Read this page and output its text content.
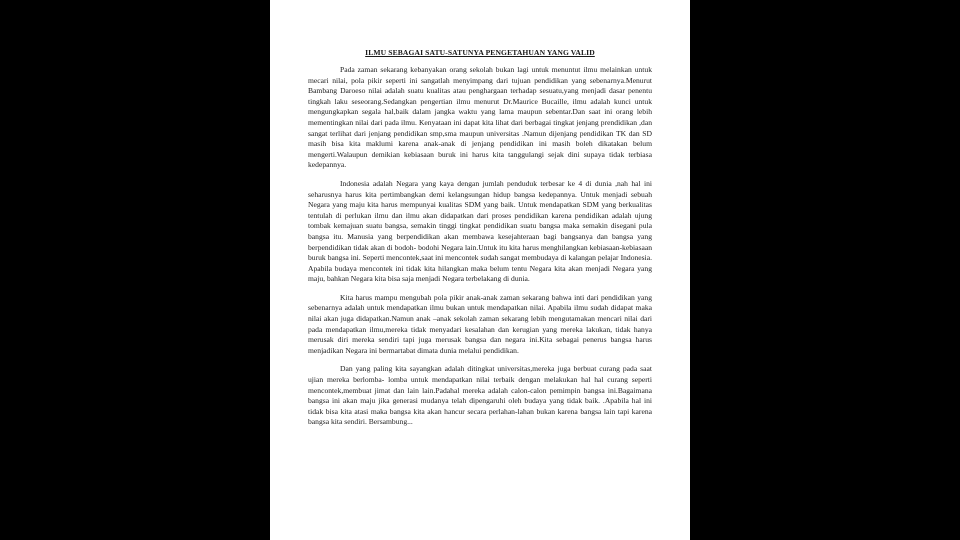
ILMU SEBAGAI SATU-SATUNYA PENGETAHUAN YANG VALID

Pada zaman sekarang kebanyakan orang sekolah bukan lagi untuk menuntut ilmu melainkan untuk mecari nilai, pola pikir seperti ini sangatlah menyimpang dari tujuan pendidikan yang sebenarnya.Menurut Bambang Daroeso nilai adalah suatu kualitas atau penghargaan terhadap sesuatu,yang menjadi dasar penentu tingkah laku seseorang.Sedangkan pengertian ilmu menurut Dr.Maurice Bucaille, ilmu adalah kunci untuk mengungkapkan segala hal,baik dalam jangka waktu yang lama maupun sebentar.Dan saat ini orang lebih mementingkan nilai dari pada ilmu. Kenyataan ini dapat kita lihat dari berbagai tingkat jenjang prendidikan ,dan sangat terlihat dari jenjang pendidikan smp,sma maupun universitas .Namun dijenjang pendidikan TK dan SD masih bisa kita maklumi karena anak-anak di jenjang pendidikan ini masih boleh dikatakan belum mengerti.Walaupun demikian kebiasaan buruk ini harus kita tanggulangi sejak dini supaya tidak terbiasa kedepannya.

Indonesia adalah Negara yang kaya dengan jumlah penduduk terbesar ke 4 di dunia ,nah hal ini seharusnya harus kita pertimbangkan demi kelangsungan hidup bangsa kedepannya. Untuk menjadi sebuah Negara yang maju kita harus mempunyai kualitas SDM yang baik. Untuk mendapatkan SDM yang berkualitas tentulah di perlukan ilmu dan ilmu akan didapatkan dari proses pendidikan karena pendidikan adalah ujung tombak kemajuan suatu bangsa, semakin tinggi tingkat pendidikan suatu bangsa maka semakin disegani pula bangsa itu. Manusia yang berpendidikan akan membawa kesejahteraan bagi bangsanya dan bangsa yang berpendidikan tidak akan di bodoh- bodohi Negara lain.Untuk itu kita harus menghilangkan kebiasaan-kebiasaan buruk bangsa ini. Seperti mencontek,saat ini mencontek sudah sangat membudaya di kalangan pelajar Indonesia. Apabila budaya mencontek ini tidak kita hilangkan maka belum tentu Negara kita akan menjadi Negara yang maju, bahkan Negara kita bisa saja menjadi Negara terbelakang di dunia.

Kita harus mampu mengubah pola pikir anak-anak zaman sekarang bahwa inti dari pendidikan yang sebenarnya adalah untuk mendapatkan ilmu bukan untuk mendapatkan nilai. Apabila ilmu sudah didapat maka nilai akan juga didapatkan.Namun anak –anak sekolah zaman sekarang lebih mengutamakan mencari nilai dari pada mendapatkan ilmu,mereka tidak menyadari kesalahan dan kerugian yang mereka lakukan, tidak hanya merusak diri mereka sendiri tapi juga merusak bangsa dan negara ini.Kita sebagai penerus bangsa harus menjadikan Negara ini bermartabat dimata dunia melalui pendidikan.

Dan yang paling kita sayangkan adalah ditingkat universitas,mereka juga berbuat curang pada saat ujian mereka berlomba- lomba untuk mendapatkan nilai terbaik dengan melakukan hal hal curang seperti mencontek,membuat jimat dan lain lain.Padahal mereka adalah calon-calon pemimpin bangsa ini.Bagaimana bangsa ini akan maju jika generasi mudanya telah dipengaruhi oleh budaya yang tidak baik. .Apabila hal ini tidak bisa kita atasi maka bangsa kita akan hancur secara perlahan-lahan bukan karena bangsa lain tapi karena bangsa kita sendiri. Bersambung...
